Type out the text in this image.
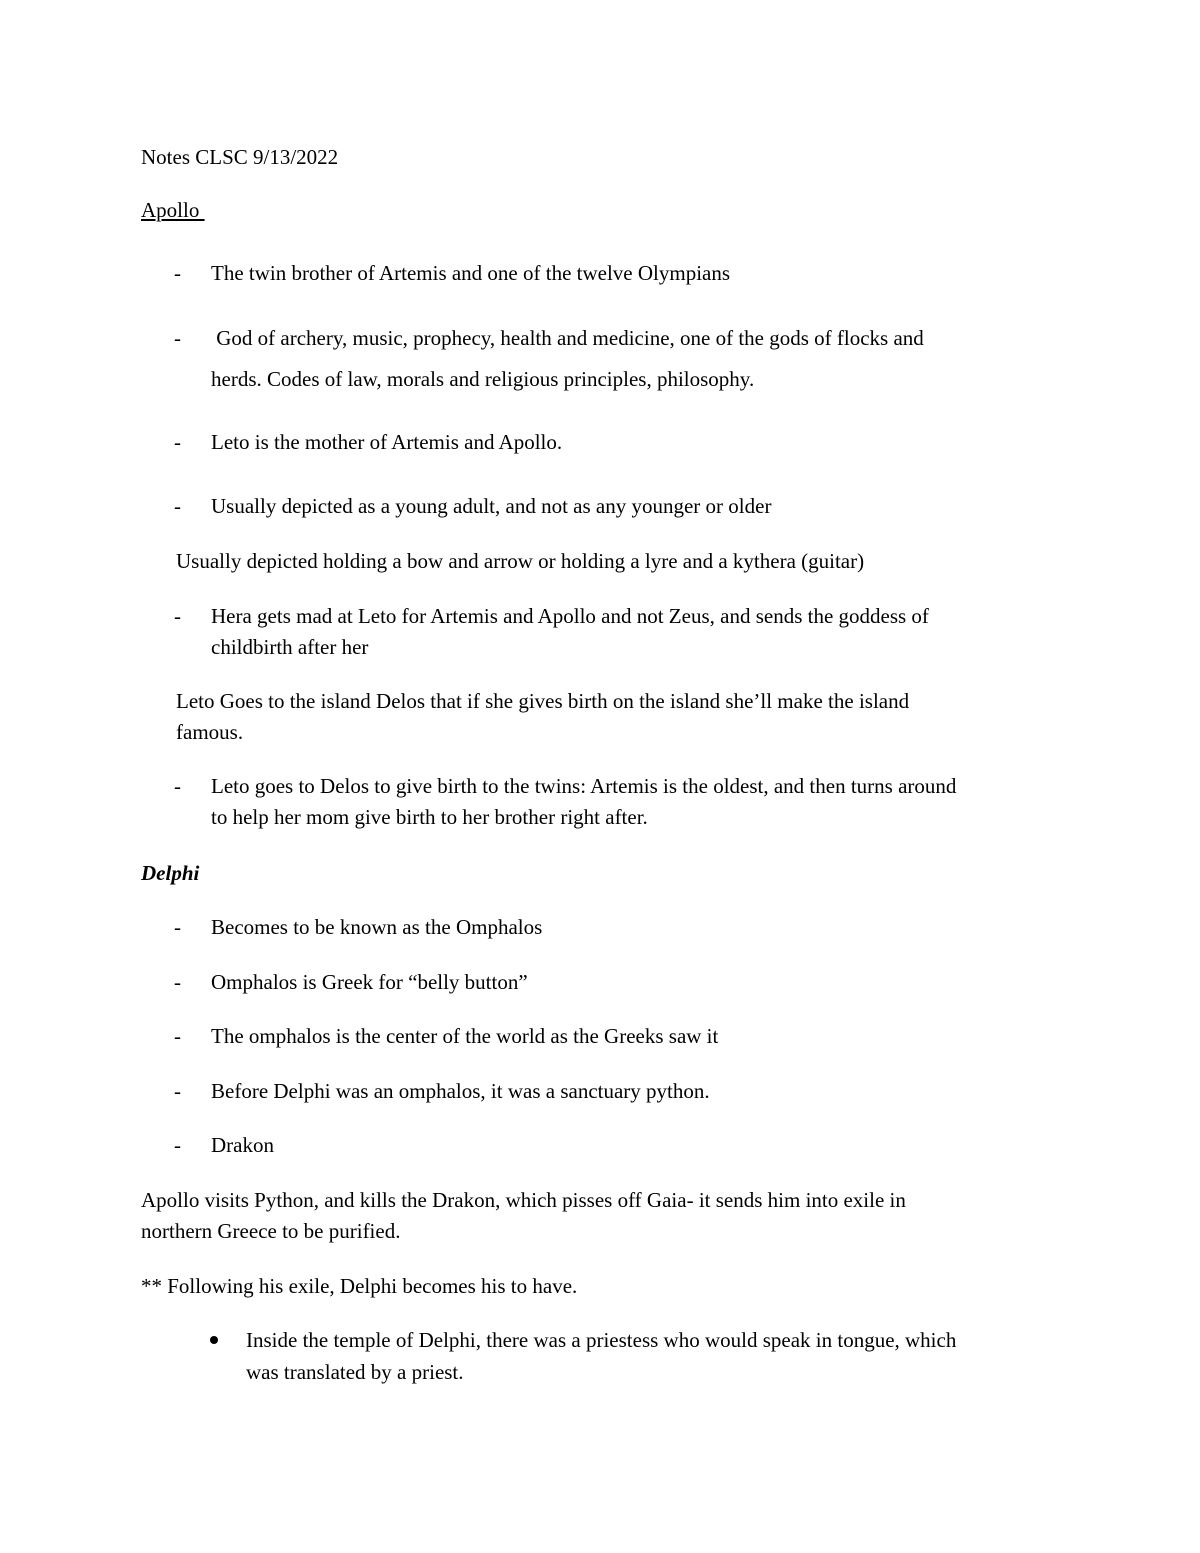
Notes CLSC 9/13/2022
Apollo
- The twin brother of Artemis and one of the twelve Olympians
- God of archery, music, prophecy, health and medicine, one of the gods of flocks and
herds. Codes of law, morals and religious principles, philosophy.
- Leto is the mother of Artemis and Apollo.
- Usually depicted as a young adult, and not as any younger or older
Usually depicted holding a bow and arrow or holding a lyre and a kythera (guitar)
- Hera gets mad at Leto for Artemis and Apollo and not Zeus, and sends the goddess of
childbirth after her
Leto Goes to the island Delos that if she gives birth on the island she’ll make the island
famous.
- Leto goes to Delos to give birth to the twins: Artemis is the oldest, and then turns around
to help her mom give birth to her brother right after.
Delphi
- Becomes to be known as the Omphalos
- Omphalos is Greek for “belly button”
- The omphalos is the center of the world as the Greeks saw it
- Before Delphi was an omphalos, it was a sanctuary python.
- Drakon
Apollo visits Python, and kills the Drakon, which pisses off Gaia- it sends him into exile in
northern Greece to be purified.
** Following his exile, Delphi becomes his to have.
Inside the temple of Delphi, there was a priestess who would speak in tongue, which
was translated by a priest.
